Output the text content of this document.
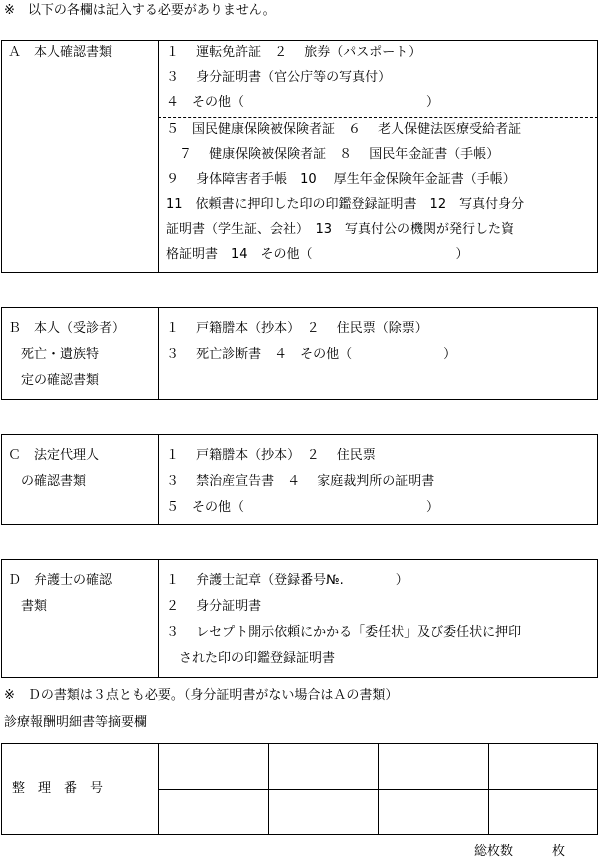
※　以下の各欄は記入する必要がありません。
Ａ　本人確認書類	１　 運転免許証　２　 旅券（パスポート）
３　 身分証明書（官公庁等の写真付）
４　その他（　　　　　　　　　　　　　　）
５　国民健康保険被保険者証　６　 老人保健法医療受給者証
　７　 健康保険被保険者証　８　 国民年金証書（手帳）
９　 身体障害者手帳　10　 厚生年金保険年金証書（手帳）
11　依頼書に押印した印の印鑑登録証明書　12　写真付身分
証明書（学生証、会社）　13　写真付公の機関が発行した資
格証明書　14　その他（　　　　　　　　　　　）
Ｂ　本人（受診者）
　死亡・遺族特
　定の確認書類
１　 戸籍謄本（抄本）　２　 住民票（除票）
３　 死亡診断書　４　その他（　　　　　　　）
Ｃ　法定代理人
　の確認書類
１　 戸籍謄本（抄本）　２　 住民票
３　 禁治産宣告書　４　 家庭裁判所の証明書
５　その他（　　　　　　　　　　　　　　）
Ｄ　弁護士の確認
　書類
１　 弁護士記章（登録番号№.　　　　）
２　 身分証明書
３　 レセプト開示依頼にかかる「委任状」及び委任状に押印
　された印の印鑑登録証明書
※　Ｄの書類は３点とも必要。（身分証明書がない場合はＡの書類）
診療報酬明細書等摘要欄
整　理　番　号
総枚数　　　枚
